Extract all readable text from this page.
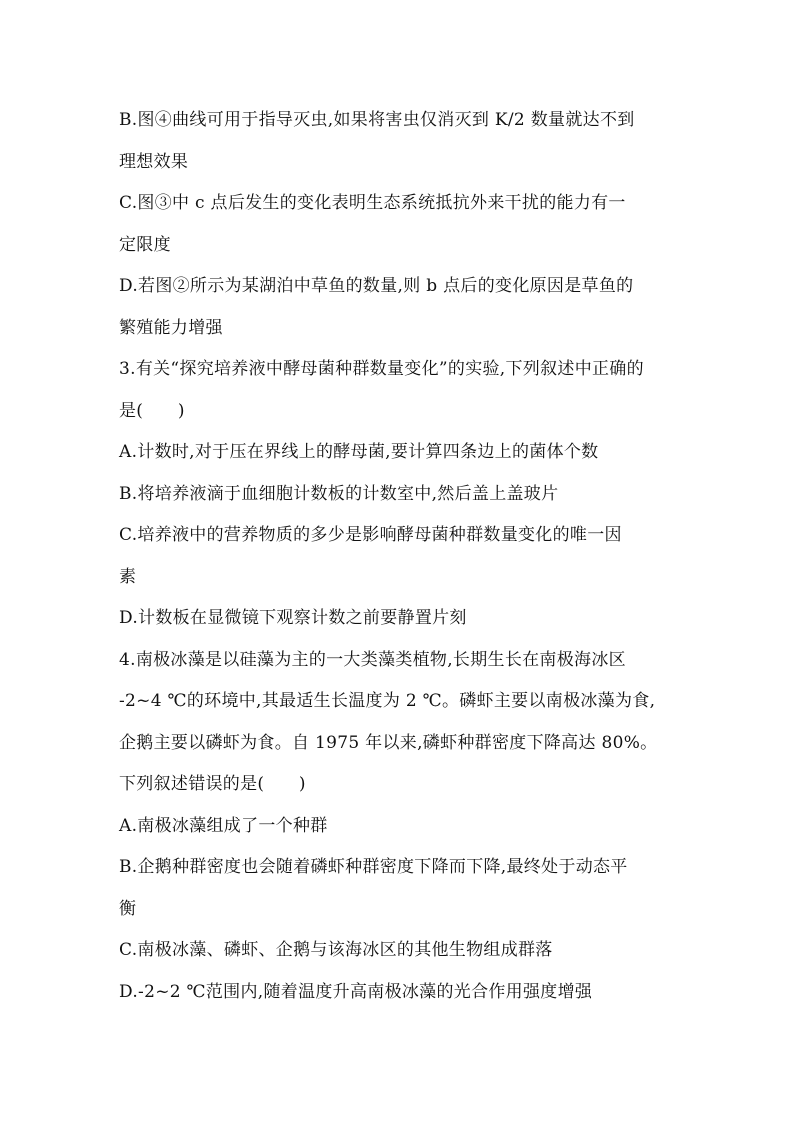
B.图④曲线可用于指导灭虫,如果将害虫仅消灭到 K/2 数量就达不到
理想效果
C.图③中 c 点后发生的变化表明生态系统抵抗外来干扰的能力有一
定限度
D.若图②所示为某湖泊中草鱼的数量,则 b 点后的变化原因是草鱼的
繁殖能力增强
3.有关“探究培养液中酵母菌种群数量变化”的实验,下列叙述中正确的
是(　　)
A.计数时,对于压在界线上的酵母菌,要计算四条边上的菌体个数
B.将培养液滴于血细胞计数板的计数室中,然后盖上盖玻片
C.培养液中的营养物质的多少是影响酵母菌种群数量变化的唯一因
素
D.计数板在显微镜下观察计数之前要静置片刻
4.南极冰藻是以硅藻为主的一大类藻类植物,长期生长在南极海冰区
-2~4 ℃的环境中,其最适生长温度为 2 ℃。磷虾主要以南极冰藻为食,
企鹅主要以磷虾为食。自 1975 年以来,磷虾种群密度下降高达 80%。
下列叙述错误的是(　　)
A.南极冰藻组成了一个种群
B.企鹅种群密度也会随着磷虾种群密度下降而下降,最终处于动态平
衡
C.南极冰藻、磷虾、企鹅与该海冰区的其他生物组成群落
D.-2~2 ℃范围内,随着温度升高南极冰藻的光合作用强度增强
